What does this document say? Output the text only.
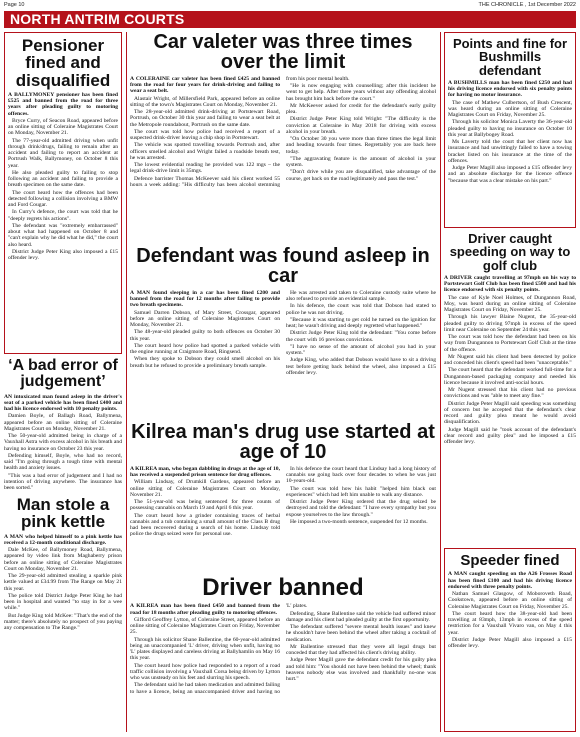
Page 10	THE CHRONICLE , 1st December 2022
NORTH ANTRIM COURTS
Pensioner fined and disqualified

A BALLYMONEY pensioner has been fined £525 and banned from the road for three years after pleading guilty to motoring offences.

Bryce Curry, of Seacon Road, appeared before an online sitting of Coleraine Magistrates Court on Monday, November 21.

The 77-year-old admitted driving when unfit through drink/drugs, failing to remain after an accident and failing to report an accident at Portrush Walk, Ballymoney, on October 8 this year.

He also pleaded guilty to failing to stop following an accident and failing to provide a breath specimen on the same date.

The court heard how the offences had been detected following a collision involving a BMW and Ford Cougar.

In Curry's defence, the court was told that he "deeply regrets his actions".

The defendant was "extremely embarrassed" about what had happened on October 8 and "can't explain why he did what he did," the court also heard.

District Judge Peter King also imposed a £15 offender levy.

‘A bad error of judgement’

AN intoxicated man found asleep in the driver's seat of a parked vehicle has been fined £400 and had his licence endorsed with 10 penalty points.

Damien Boyle, of Ballagh Road, Ballymena, appeared before an online sitting of Coleraine Magistrates Court on Monday, November 21.

The 50-year-old admitted being in charge of a Vauxhall Astra with excess alcohol in his breath and having no insurance on October 23 this year.

Defending himself, Boyle, who had no record, said "I'm going through a tough time with mental health and anxiety issues.

"This was a bad error of judgement and I had no intention of driving anywhere. The insurance has been sorted."

Man stole a pink kettle

A MAN who helped himself to a pink kettle has received a 12-month conditional discharge.

Dale McKee, of Ballymoney Road, Ballymena, appeared by video link from Maghaberry prison before an online sitting of Coleraine Magistrates Court on Monday, November 21.

The 29-year-old admitted stealing a sparkle pink kettle valued at £34.99 from The Range on May 21 this year.

The police told District Judge Peter King he had been in hospital and wanted "to stay in for a wee while."

But Judge King told McKee: "That's the end of the matter; there's absolutely no prospect of you paying any compensation to The Range."

Car valeter was three times over the limit

A COLERAINE car valeter has been fined £425 and banned from the road for four years for drink-driving and failing to wear a seat belt.

Alastair Wright, of Millersfield Park, appeared before an online sitting of the town's Magistrates Court on Monday, November 21.

The 28-year-old admitted drink-driving at Portstewart Road, Portrush, on October 30 this year and failing to wear a seat belt at the Metropole roundabout, Portrush on the same date.

The court was told how police had received a report of a suspected drink-driver leaving a chip shop in Portstewart.

The vehicle was spotted travelling towards Portrush and, after officers smelled alcohol and Wright failed a roadside breath test, he was arrested.

The lowest evidential reading he provided was 122 mgs – the legal drink-drive limit is 35mgs.

Defence barrister Thomas McKeever said his client worked 55 hours a week adding: "His difficulty has been alcohol stemming from his poor mental health.

"He is now engaging with counselling; after this incident he went to get help. After three years without any offending alcohol has brought him back before the court."

Mr McKeever asked for credit for the defendant's early guilty plea.

District Judge Peter King told Wright: "The difficulty is the conviction at Coleraine in May 2018 for driving with excess alcohol in your breath.

"On October 30 you were more than three times the legal limit and heading towards four times. Regrettably you are back here today.

"The aggravating feature is the amount of alcohol in your system.

"Don't drive while you are disqualified, take advantage of the course, get back on the road legitimately and pass the test."

Defendant was found asleep in car

A MAN found sleeping in a car has been fined £200 and banned from the road for 12 months after failing to provide two breath specimens.

Samuel Darren Dobson, of Mary Street, Crossgar, appeared before an online sitting of Coleraine Magistrates Court on Monday, November 21.

The 48-year-old pleaded guilty to both offences on October 30 this year.

The court heard how police had spotted a parked vehicle with the engine running at Craigmore Road, Ringsend.

When they spoke to Dobson they could smell alcohol on his breath but he refused to provide a preliminary breath sample.

He was arrested and taken to Coleraine custody suite where he also refused to provide an evidential sample.

In his defence, the court was told that Dobson had stated to police he was not driving.

"Because it was starting to get cold he turned on the ignition for heat; he wasn't driving and deeply regretted what happened."

District Judge Peter King told the defendant: "You come before the court with 16 previous convictions.

"I have no sense of the amount of alcohol you had in your system."

Judge King, who added that Dobson would have to sit a driving test before getting back behind the wheel, also imposed a £15 offender levy.

Kilrea man's drug use started at age of 10

A KILREA man, who began dabbling in drugs at the age of 10, has received a suspended prison sentence for drug offences.

William Lindsay, of Drumkill Gardens, appeared before an online sitting of Coleraine Magistrates Court on Monday, November 21.

The 51-year-old was being sentenced for three counts of possessing cannabis on March 19 and April 6 this year.

The court heard how a grinder containing traces of herbal cannabis and a tub containing a small amount of the Class B drug had been recovered during a search of his home. Lindsay told police the drugs seized were for personal use.

In his defence the court heard that Lindsay had a long history of cannabis use going back over four decades to when he was just 10-years-old.

The court was told how his habit "helped him black out experiences" which had left him unable to walk any distance.

District Judge Peter King ordered that the drug seized be destroyed and told the defendant: "I have every sympathy but you expose yourselves to the law through."

He imposed a two-month sentence, suspended for 12 months.

Driver banned

A KILREA man has been fined £450 and banned from the road for 18 months after pleading guilty to motoring offences.

Gifford Geoffrey Lytton, of Coleraine Street, appeared before an online sitting of Coleraine Magistrates Court on Friday, November 25.

Through his solicitor Shane Ballentine, the 60-year-old admitted being an unaccompanied 'L' driver, driving when unfit, having no 'L' plates displayed and careless driving at Ballyhamlin on May 16 this year.

The court heard how police had responded to a report of a road traffic collision involving a Vauxhall Corsa being driven by Lytton who was unsteady on his feet and slurring his speech.

The defendant said he had taken medication and admitted failing to have a licence, being an unaccompanied driver and having no 'L' plates.

Defending, Shane Ballentine said the vehicle had suffered minor damage and his client had pleaded guilty at the first opportunity.

The defendant suffered "severe mental health issues" and knew he shouldn't have been behind the wheel after taking a cocktail of medication.

Mr Ballentine stressed that they were all legal drugs but conceded that they had affected his client's driving ability.

Judge Peter Magill gave the defendant credit for his guilty plea and told him: "You should not have been behind the wheel; thank heavens nobody else was involved and thankfully no-one was hurt."

Points and fine for Bushmills defendant

A BUSHMILLS man has been fined £250 and had his driving licence endorsed with six penalty points for having no motor insurance.

The case of Mathew Culbertson, of Bush Crescent, was heard during an online sitting of Coleraine Magistrates Court on Friday, November 25.

Through his solicitor Monica Laverty the 36-year-old pleaded guilty to having no insurance on October 10 this year at Ballybogey Road.

Ms Laverty told the court that her client now has insurance and had unwittingly failed to have a towing bracket listed on his insurance at the time of the offences.

Judge Peter Magill also imposed a £15 offender levy and an absolute discharge for the licence offence "because that was a clear mistake on his part."

Driver caught speeding on way to golf club

A DRIVER caught travelling at 97mph on his way to Portstewart Golf Club has been fined £500 and had his licence endorsed with six penalty points.

The case of Kyle Noel Holmes, of Dungannon Road, Moy, was heard during an online sitting of Coleraine Magistrates Court on Friday, November 25.

Through his lawyer Blaine Nugent, the 35-year-old pleaded guilty to driving 97mph in excess of the speed limit near Coleraine on September 24 this year.

The court was told how the defendant had been on his way from Dungannon to Portstewart Golf Club at the time of the offence.

Mr Nugent said his client had been detected by police and conceded his client's speed had been "unacceptable."

The court heard that the defendant worked full-time for a Dungannon-based packaging company and needed his licence because it involved anti-social hours.

Mr Nugent stressed that his client had no previous convictions and was "able to meet any fine."

District Judge Peter Magill said speeding was something of concern but he accepted that the defendant's clear record and guilty plea meant he would avoid disqualification.

Judge Magill said he "took account of the defendant's clear record and guilty plea" and he imposed a £15 offender levy.

Speeder fined

A MAN caught speeding on the A26 Frosses Road has been fined £100 and had his driving licence endorsed with three penalty points.

Nathan Samuel Glasgow, of Moboroveth Road, Cookstown, appeared before an online sitting of Coleraine Magistrates Court on Friday, November 25.

The court heard how the 38-year-old had been travelling at 83mph, 13mph in excess of the speed restriction for a Vauxhall Vivaro van, on May 4 this year.

District Judge Peter Magill also imposed a £15 offender levy.
